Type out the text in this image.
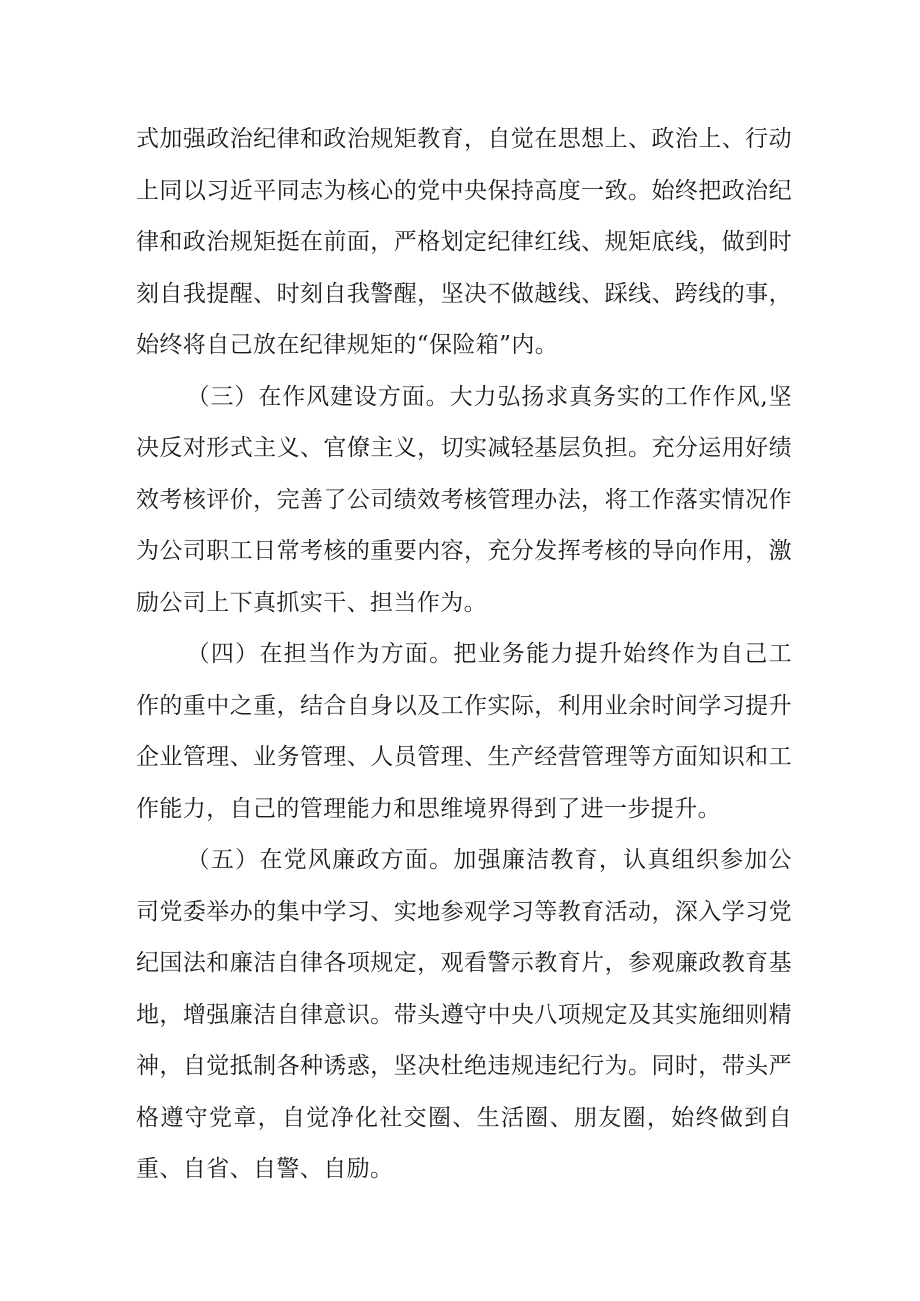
式加强政治纪律和政治规矩教育，自觉在思想上、政治上、行动上同以习近平同志为核心的党中央保持高度一致。始终把政治纪律和政治规矩挺在前面，严格划定纪律红线、规矩底线，做到时刻自我提醒、时刻自我警醒，坚决不做越线、踩线、跨线的事，始终将自己放在纪律规矩的“保险箱”内。

（三）在作风建设方面。大力弘扬求真务实的工作作风,坚决反对形式主义、官僚主义，切实减轻基层负担。充分运用好绩效考核评价，完善了公司绩效考核管理办法，将工作落实情况作为公司职工日常考核的重要内容，充分发挥考核的导向作用，激励公司上下真抓实干、担当作为。

（四）在担当作为方面。把业务能力提升始终作为自己工作的重中之重，结合自身以及工作实际，利用业余时间学习提升企业管理、业务管理、人员管理、生产经营管理等方面知识和工作能力，自己的管理能力和思维境界得到了进一步提升。

（五）在党风廉政方面。加强廉洁教育，认真组织参加公司党委举办的集中学习、实地参观学习等教育活动，深入学习党纪国法和廉洁自律各项规定，观看警示教育片，参观廉政教育基地，增强廉洁自律意识。带头遵守中央八项规定及其实施细则精神，自觉抵制各种诱惑，坚决杜绝违规违纪行为。同时，带头严格遵守党章，自觉净化社交圈、生活圈、朋友圈，始终做到自重、自省、自警、自励。
